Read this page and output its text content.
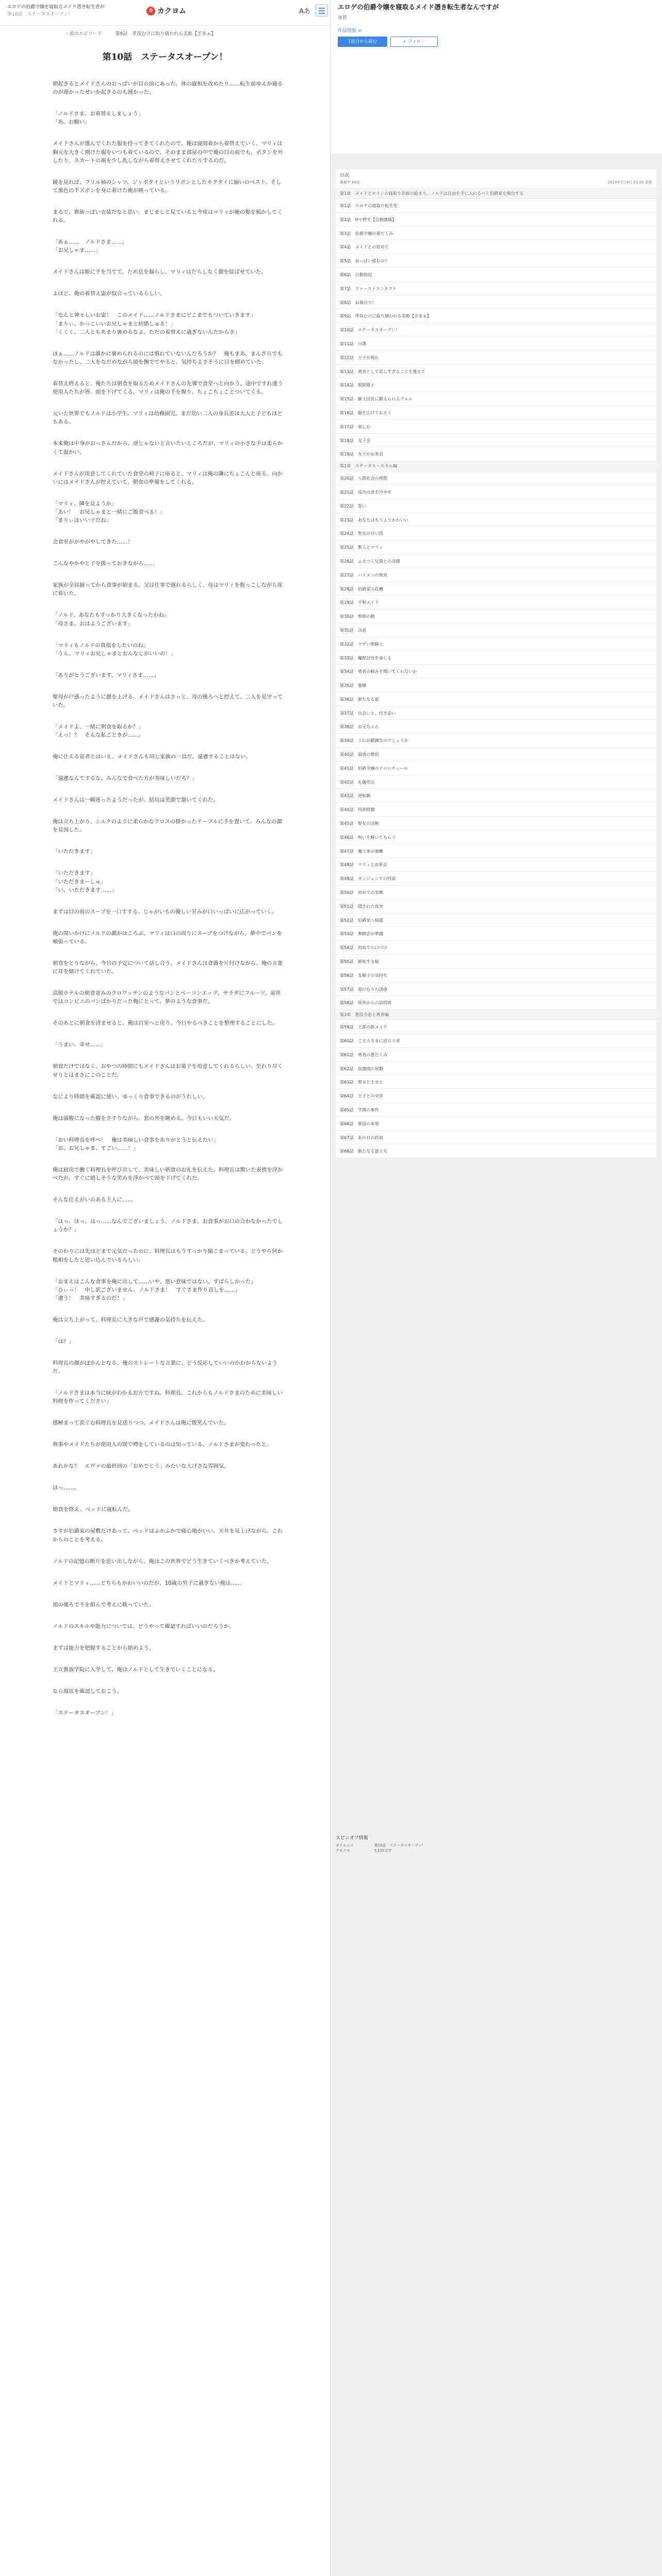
エロゲの伯爵令嬢を寝取るメイド憑き転生者が
第10話　ステータスオープン！
カ カクヨム	Aあ
‹ 前のエピソード	第9話　孝哉むけに取り繕われる美姫【ざまぁ】
第10話　ステータスオープン！

朝起きるとメイドさんのおっぱいが目の前にあった。体の寝相を改めたり……転生前ゆえか寝るのが遅かったせいか起きるのも遅かった。

「ノルドさま、お着替えしましょう」
「あ、お願い」

メイドさんが選んでくれた服を持ってきてくれたので、俺は寝間着から着替えていく。マリィは胸元を大きく開けた服をいつも着ているので、そのまま部屋の中で俺の目の前でも、ボタンを外したり、スカートの裾を少し乱しながら着替えさせてくれたりするのだ。

鏡を見れば、フリル袖のシャツ、ジャボタイというリボンとしたネクタイに揃いのベスト、そして黒色の半ズボンを身に着けた俺が映っている。

まるで、貴族っぽい衣装だなと思い、まじまじと見ていると今度はマリィが俺の髪を梳かしてくれる。

「あぁ……　ノルドさま……」
「お兄しゃま……」

メイドさんは眼に手を当てて、ため息を漏らし、マリィはだらしなく顔を綻ばせていた。

よほど、俺の着替え姿が似合っているらしい。

「なんと神々しいお姿！　このメイド……ノルドさまにどこまでもついていきます」
「まりぃ、かっこいいお兄しゃまと結婚しゅる！」
「くくく、二人ともあまり褒めるなよ。ただの着替えに過ぎないんだからさ」

ほぁ……ノルドは誰かに褒められるのには慣れていないんだろうか？　俺もまあ、まんざらでもなかったし、二人をなだめながら頭を撫でてやると、気持ちよさそうに目を細めていた。

着替え終えると、俺たちは朝食を取るためメイドさんの先導で食堂へと向かう。途中ですれ違う使用人たちが皆、頭を下げてくる。マリィは俺の手を握り、ちょこちょことついてくる。

元いた世界でもノルドは小学生。マリィは幼稚園児。まだ幼い二人の身長差は大人と子どもほどもある。

本来俺は中身がおっさんだから、逆じゃないと言いたいところだが、マリィの小さな手は柔らかくて温かい。

メイドさんが用意してくれていた食堂の椅子に座ると、マリィは俺の隣にちょこんと座る。向かいにはメイドさんが控えていて、朝食の準備をしてくれる。

「マリィ、隣を見ようか」
「あい！　お兄しゃまと一緒にご飯食べる！」
「まりぃはいい子だね」

会食室ががやがやしてきた……！

こんなやかやと子を扱っておきながら……

家族が全員揃ってから食事が始まる。父は仕事で遅れるらしく、母はマリィを抱っこしながら席に着いた。

「ノルド、あなたもすっかり大きくなったわね」
「母さま、おはようございます」

「マリィもノルドの真似をしたいのね」
「うん、マリィお兄しゃまとおんなじがいいの！」

「ありがとうございます、マリィさま……」

聖母が戸惑ったように顔を上げる。メイドさんはさっと、母の後ろへと控えて、二人を見守っていた。

「メイドよ、一緒に朝食を取るか？」
「えっ！？　そんな私ごときが……」

俺に仕える従者とはいえ、メイドさんも同じ家族の一員だ。遠慮することはない。

「遠慮なんてするな。みんなで食べた方が美味しいだろ？」

メイドさんは一瞬迷ったようだったが、結局は笑顔で頷いてくれた。

俺は立ち上がり、シルクのように柔らかなクロスの掛かったテーブルに手を置いて、みんなの顔を見回した。

「いただきます」

「いただきます」
「いただきまーしゅ」
「い、いただきます……」

まずは目の前のスープを一口すする。じゃがいもの優しい甘みが口いっぱいに広がっていく。

俺の問いかけにノルドの顔がほころぶ。マリィは口の周りにスープをつけながら、夢中でパンを頬張っている。

朝食をとりながら、今日の予定について話し合う。メイドさんは食器を片付けながら、俺の言葉に耳を傾けてくれていた。

高級ホテルの朝食並みのクロワッサンのようなパンとベーコンエッグ、サラダにフルーツ。前世ではコンビニのパンばかりだった俺にとって、夢のような食事だ。

そのあとに朝食を済ませると、俺は自室へと戻り、今日やるべきことを整理することにした。

「うまい。幸せ……」

朝食だけではなく、おやつの時間にもメイドさんはお菓子を用意してくれるらしい。至れり尽くせりとはまさにこのことだ。

なにより時間を確認に使い、ゆっくり食事できるのがうれしい。

俺は満腹になった腹をさすりながら、窓の外を眺める。今日もいい天気だ。

「おい料理長を呼べ！　俺は美味しい食事をありがとうと伝えたい」
「お、お兄しゃま、すごい……！」

俺は厨房で働く料理長を呼び出して、美味しい朝食のお礼を伝えた。料理長は驚いた表情を浮かべたが、すぐに嬉しそうな笑みを浮かべて頭を下げてくれた。

そんな仕えがいのある主人に……

「はっ、ほっ、はっ……なんでございましょう、ノルドさま。お食事がお口の合わなかったでしょうか？」

そのわりには先ほどまで元気だったのに、料理長はもうすっかり縮こまっている。どうやら何か粗相をしたと思い込んでいるらしい。

「おまえはこんな食事を俺に出して……いや、悪い意味ではない。すばらしかった」
「ひぃっ！　申し訳ございません、ノルドさま！　すぐさま作り直しを……」
「違う！　美味すぎるのだ！」

俺は立ち上がって、料理長に大きな声で感謝の気持ちを伝えた。

「は？」

料理長の顔がぽかんとなる。俺のストレートな言葉に、どう反応していいのかわからないようだ。

「ノルドさまは本当に味がわかるお方ですね。料理長、これからもノルドさまのために美味しい料理を作ってください」

感極まって涙ぐむ料理長を見送りつつ、メイドさんは俺に微笑んでいた。

執事やメイドたちが使用人の間で噂をしているのは知っている。ノルドさまが変わったと。

あれかな？　エヴァの最終回の「おめでとう」みたいな大げさな雰囲気。

ほっ……。

朝食を終え、ベッドに寝転んだ。

さすが伯爵家の屋敷だけあって、ベッドはふかふかで寝心地がいい。天井を見上げながら、これからのことを考える。

ノルドの記憶の断片を思い出しながら、俺はこの世界でどう生きていくべきか考えていた。

メイドとマリィ……どちらもかわいいのだが、10歳の男子に過ぎない俺は……

頭の後ろで手を組んで考えに耽っていた。

ノルドのスキルや能力については、どうやって確認すればいいのだろうか。

まずは能力を把握することから始めよう。

王立貴族学院に入学して、俺はノルドとして生きていくことになる。

なら現状を確認しておこう。

「ステータスオープン！」

エロゲの伯爵令嬢を寝取るメイド憑き転生者なんですが
加賀
作品情報 >
1話目から読む	+ フォロー
目次
連載中 68話	2023年7月4日 21:00 更新
第1章 メイドとロインの寝取り計画の始まり。ノルドは自由を手に入れるべく伯爵家を脱出する
第1話　エロゲの寝取り転生先
第2話　Hで押す【自動隷属】
第3話　伯爵令嬢の悪だくみ
第4話　メイドとの初めて
第5話　おっぱい揉むの？
第6話　自動勃起
第7話　ファーストコンタクト
第8話　お風呂で！
第9話　孝哉むけに取り繕われる美姫【ざまぁ】
第10話　ステータスオープン！
第11話　日課
第12話　王子が現れ
第13話　勇者として美しすぎることを褒えて
第14話　脱獄隊士
第15話　騎士団長に鍛えられるアルル
第16話　脚を広げておそう
第17話　楽しむ
第18話　女子会
第19話　女子がお茶会
第2章 ステータス・スキル編
第20話　人間社会の理想
第21話　成功は食を冷やす
第22話　誓い
第23話　あなたはもうよりかわいい
第24話　聖女の甘い罠
第25話　獣人とマリィ
第26話　ムカつく兄貴との決闘
第27話　ハイメンの無双
第28話　伯爵家の危機
第29話　平和メイド
第30話　聖剣の鞘
第31話　決意
第32話　ウザい聖騎士
第33話　魔獣討伐を命じる
第34話　勇者の頼みを聞いてくれないか
第35話　蜜蜂
第36話　新たなる旅
第37話　出会いと、付き添い
第38話　お兄ちゃん
第39話　これが鍛錬なのでしょうか
第40話　最強の僧侶
第41話　伯爵令嬢のアバンチュール
第42話　礼儀作法
第43話　逆転劇
第44話　特訓終盤
第45話　聖女の決断
第46話　呪いを解いてもらう
第47話　魔王軍の強襲
第48話　マリィとお茶会
第49話　ダンジョンでの特訓
第50話　初めての実戦
第51話　隠された真実
第52話　伯爵家へ帰還
第53話　舞踏会の準備
第54話　初めての口づけ
第55話　嫉妬する妹
第56話　女騎士の気持ち
第57話　湯けむりの誘惑
第58話　異界からの訪問者
第3章 悪役令息と勇者編
第59話　王都の新メイド
第60話　ご主人さまに逆らう者
第61話　勇者の悪だくみ
第62話　奴隷商の屋敷
第63話　聖女と王女と
第64話　王子との交渉
第65話　学園の事件
第66話　悪役の本領
第67話　あの日の約束
第68話　新たなる旅立ち
スピンオフ情報
ダイルムス
クモクモ
第10話　ステータスオープン！
5,110文字
